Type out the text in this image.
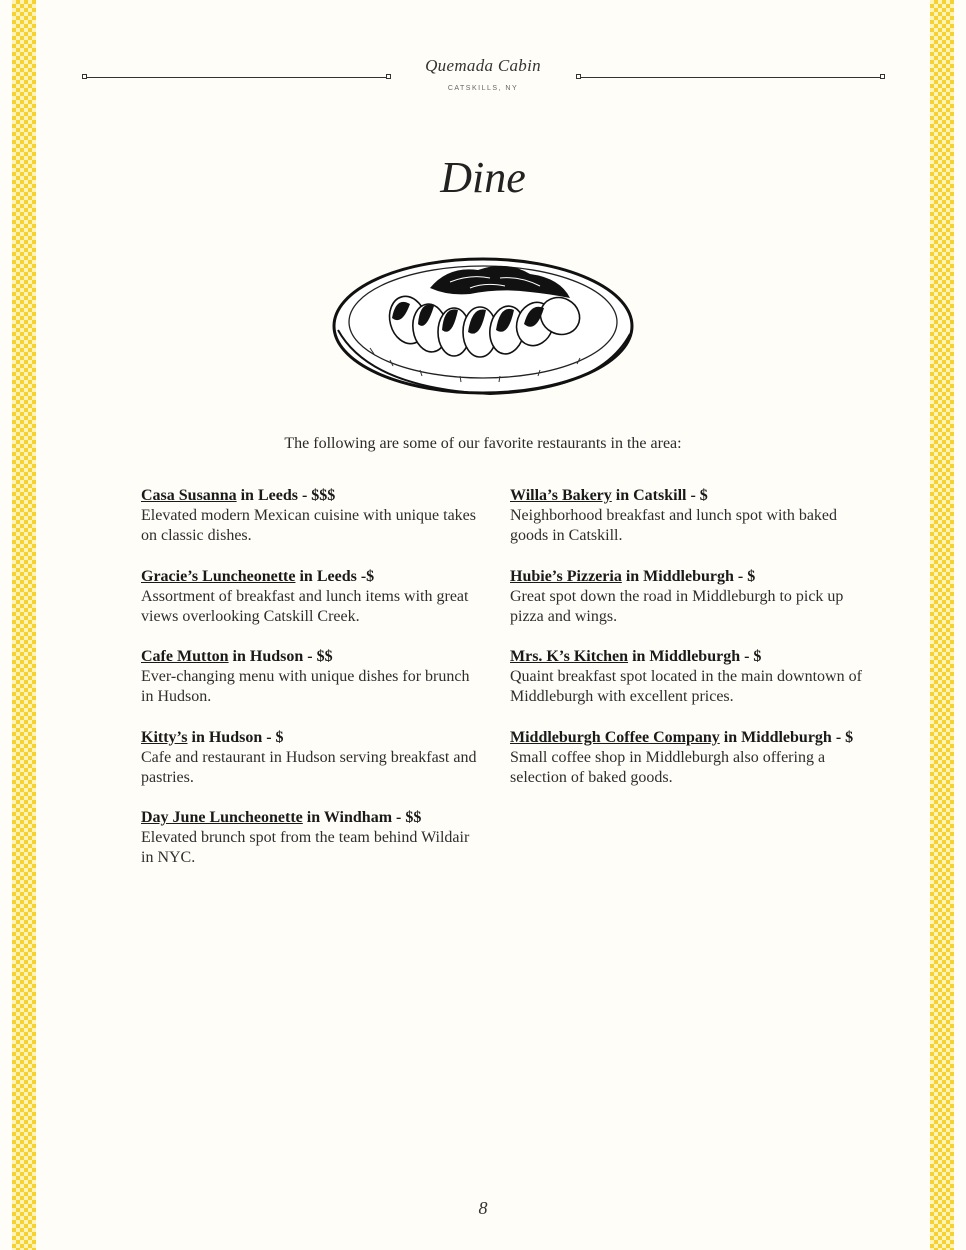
Quemada Cabin
CATSKILLS, NY
Dine
The following are some of our favorite restaurants in the area:
Casa Susanna in Leeds - $$$
Elevated modern Mexican cuisine with unique takes on classic dishes.
Gracie’s Luncheonette in Leeds -$
Assortment of breakfast and lunch items with great views overlooking Catskill Creek.
Cafe Mutton in Hudson - $$
Ever-changing menu with unique dishes for brunch in Hudson.
Kitty’s in Hudson - $
Cafe and restaurant in Hudson serving breakfast and pastries.
Day June Luncheonette in Windham - $$
Elevated brunch spot from the team behind Wildair in NYC.
Willa’s Bakery in Catskill - $
Neighborhood breakfast and lunch spot with baked goods in Catskill.
Hubie’s Pizzeria in Middleburgh - $
Great spot down the road in Middleburgh to pick up pizza and wings.
Mrs. K’s Kitchen in Middleburgh - $
Quaint breakfast spot located in the main downtown of Middleburgh with excellent prices.
Middleburgh Coffee Company in Middleburgh - $
Small coffee shop in Middleburgh also offering a selection of baked goods.
8
